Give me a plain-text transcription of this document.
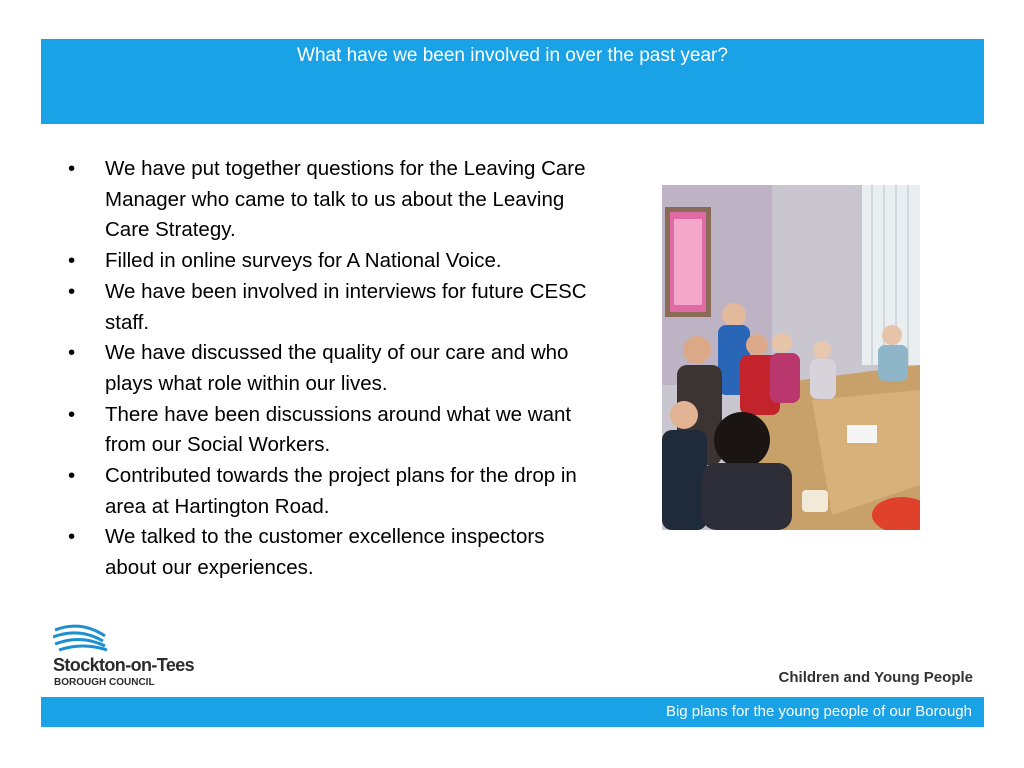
What have we been involved in over the past year?
• We have put together questions for the Leaving Care Manager who came to talk to us about the Leaving Care Strategy.
• Filled in online surveys for A National Voice.
• We have been involved in interviews for future CESC staff.
• We have discussed the quality of our care and who plays what role within our lives.
• There have been discussions around what we want from our Social Workers.
• Contributed towards the project plans for the drop in area at Hartington Road.
• We talked to the customer excellence inspectors about our experiences.
Stockton-on-Tees
BOROUGH COUNCIL	Children and Young People
Big plans for the young people of our Borough
